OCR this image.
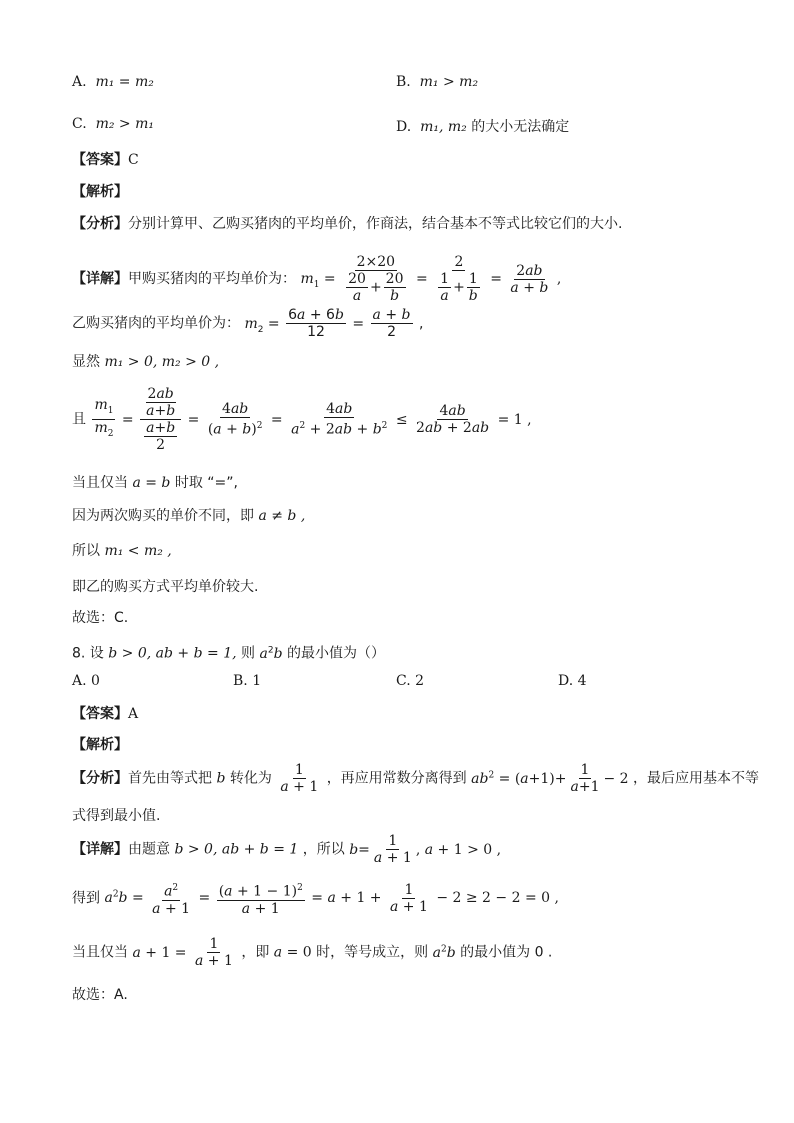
A. m₁ = m₂	B. m₁ > m₂
C. m₂ > m₁	D. m₁, m₂ 的大小无法确定
【答案】C
【解析】
【分析】分别计算甲、乙购买猪肉的平均单价，作商法，结合基本不等式比较它们的大小.
【详解】甲购买猪肉的平均单价为： $m_1 = \frac{2\times 20}{\frac{20}{a} + \frac{20}{b}} = \frac{2}{\frac{1}{a} + \frac{1}{b}} = \frac{2ab}{a + b}$ ,
乙购买猪肉的平均单价为： $m_2 = \frac{6a + 6b}{12} = \frac{a + b}{2}$ ,
显然 m₁ > 0, m₂ > 0 ,
且 $\frac{m_1}{m_2} = \frac{\frac{2ab}{a+b}}{\frac{a+b}{2}} = \frac{4ab}{(a + b)^2} = \frac{4ab}{a^2 + 2ab + b^2} \le \frac{4ab}{2ab + 2ab} = 1$ ,
当且仅当 a = b 时取 “=”,
因为两次购买的单价不同，即 a ≠ b ,
所以 m₁ < m₂ ,
即乙的购买方式平均单价较大.
故选：C.
8. 设 b > 0, ab + b = 1, 则 $a^2b$ 的最小值为（）
A. 0	B. 1	C. 2	D. 4
【答案】A
【解析】
【分析】首先由等式把 b 转化为 $\frac{1}{a + 1}$ ，再应用常数分离得到 $ab^2 = (a+1)+ \frac{1}{a+1} - 2$ ，最后应用基本不等
式得到最小值.
【详解】由题意 b > 0, ab + b = 1 ，所以 $b= \frac{1}{a + 1}$ , a + 1 > 0 ,
得到 $a^2b = \frac{a^2}{a + 1} = \frac{(a + 1 - 1)^2}{a + 1} = a + 1 + \frac{1}{a + 1} - 2 \ge 2 - 2 = 0$ ,
当且仅当 $a + 1 = \frac{1}{a + 1}$ ，即 a = 0 时，等号成立，则 $a^2b$ 的最小值为 0 .
故选：A.
